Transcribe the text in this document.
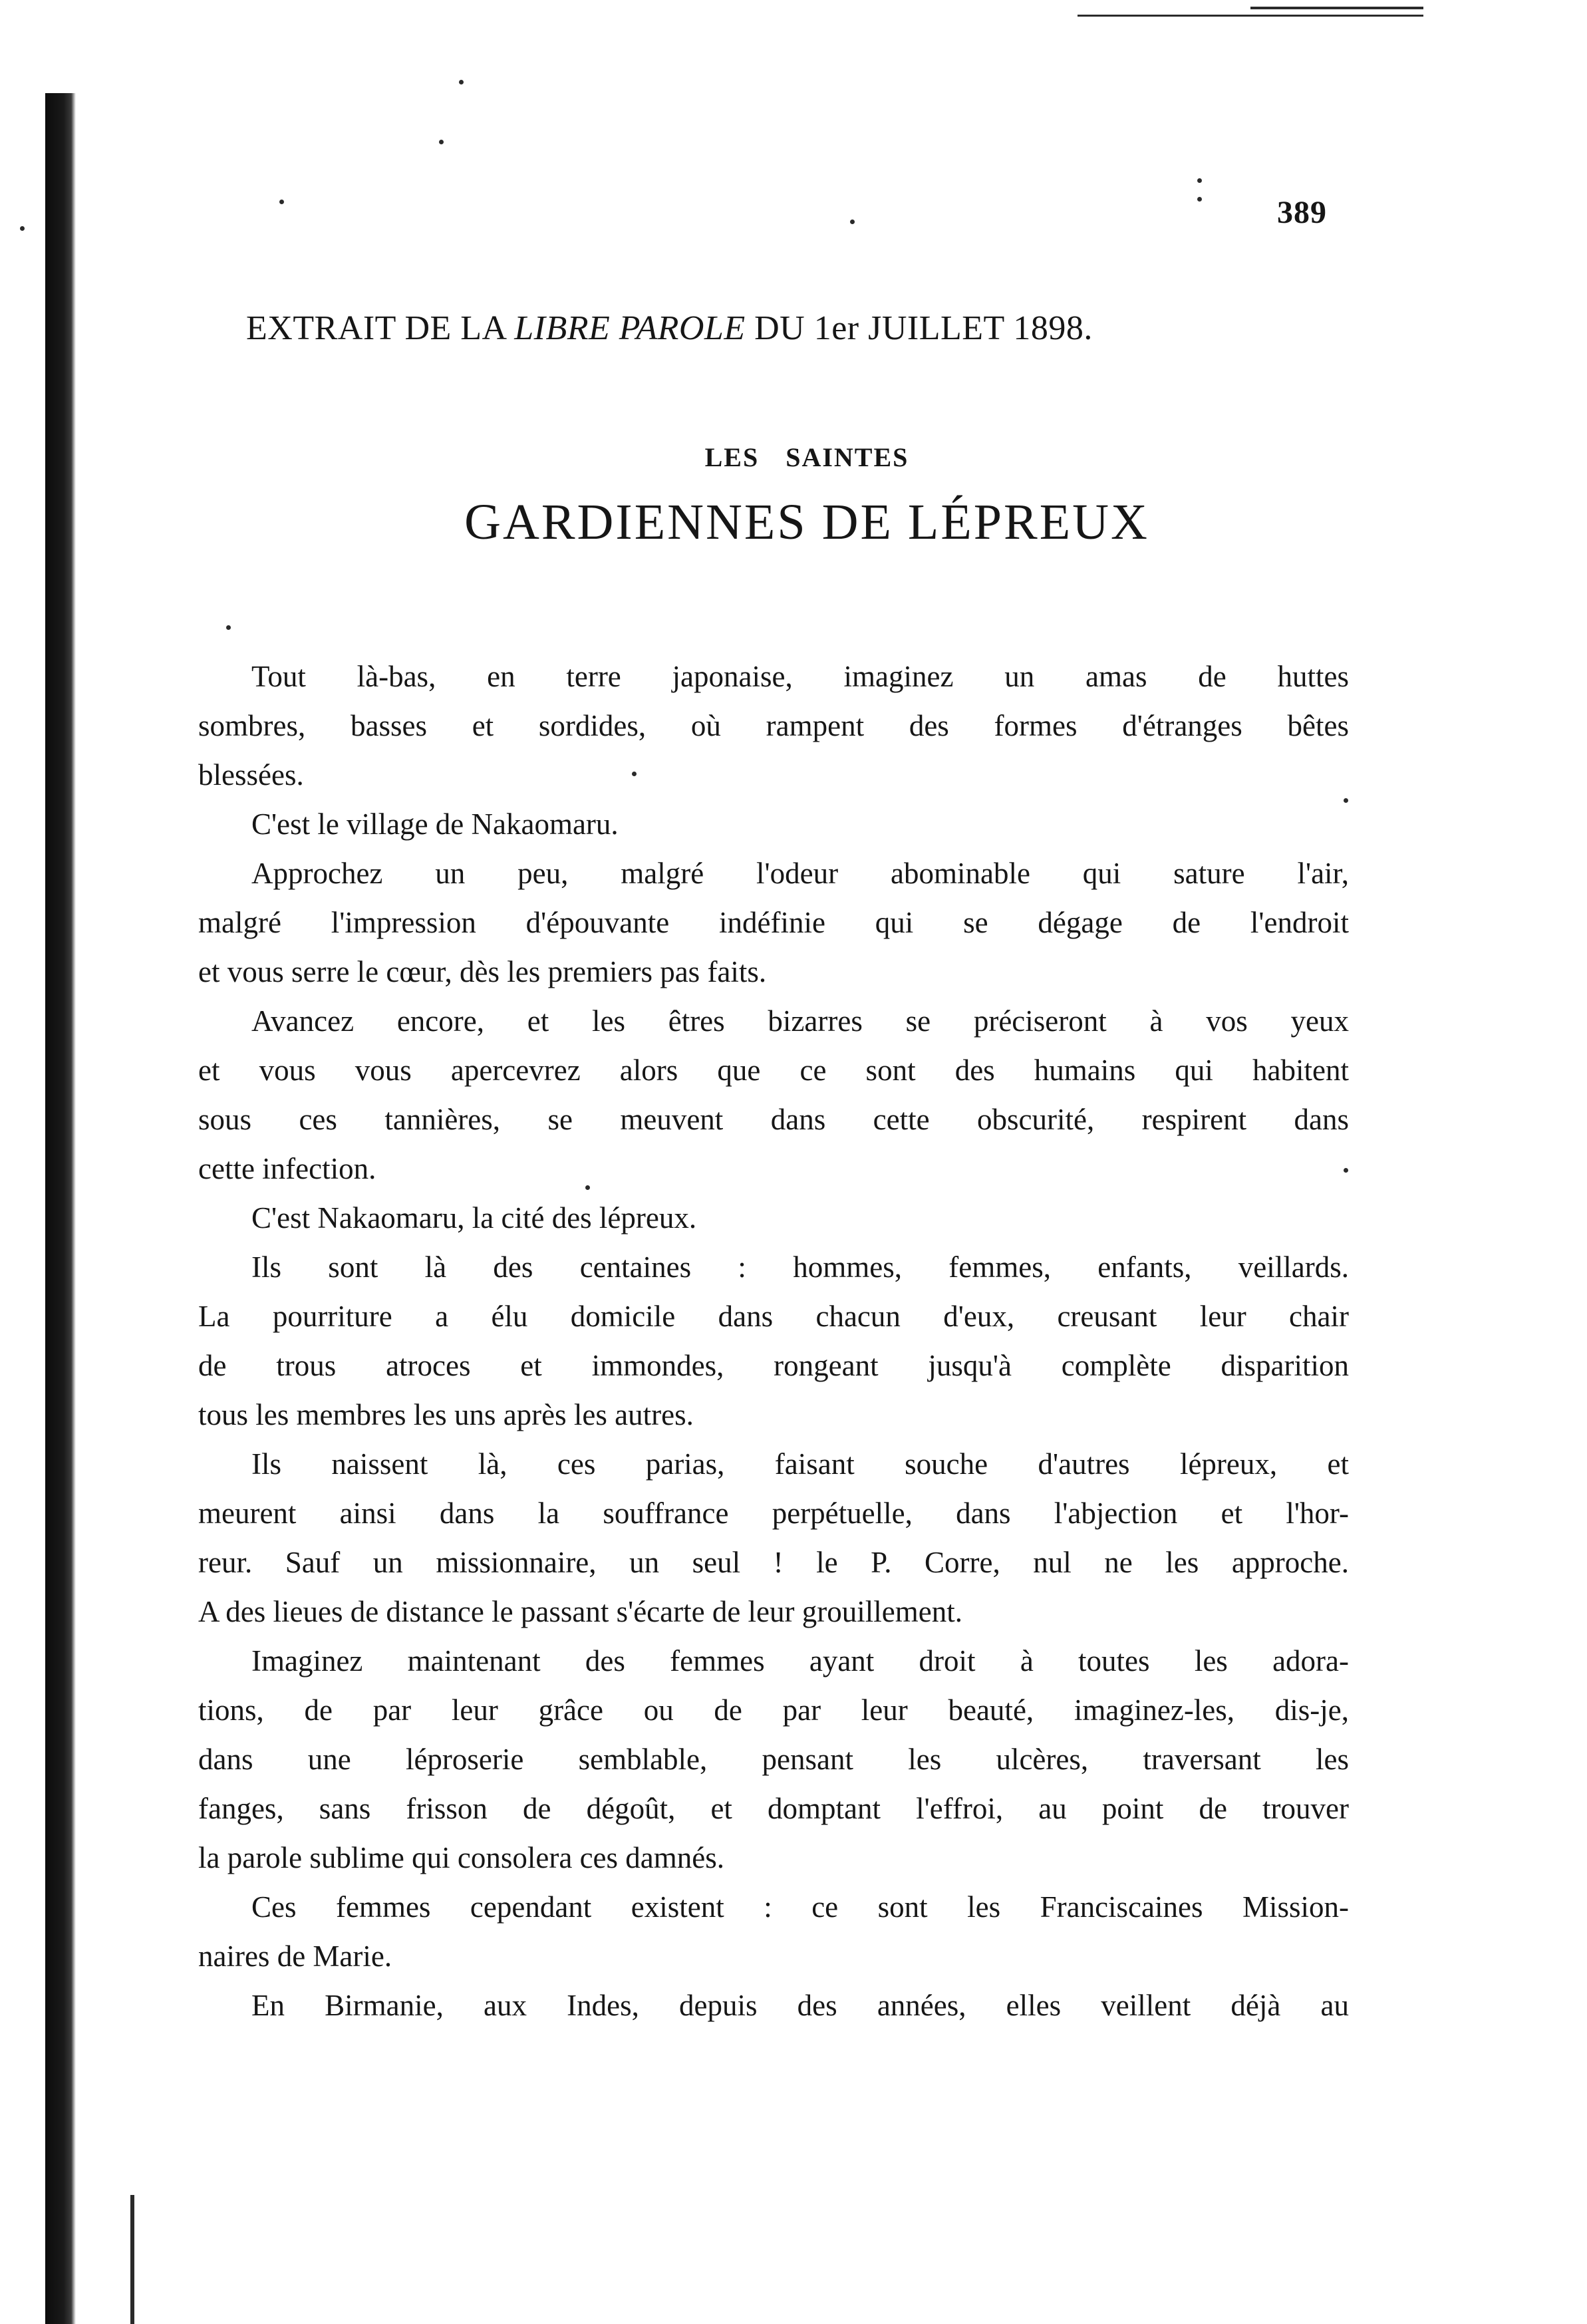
389
EXTRAIT DE LA LIBRE PAROLE DU 1er JUILLET 1898.
LES SAINTES
GARDIENNES DE LÉPREUX
Tout là-bas, en terre japonaise, imaginez un amas de huttes
sombres, basses et sordides, où rampent des formes d'étranges bêtes
blessées.
C'est le village de Nakaomaru.
Approchez un peu, malgré l'odeur abominable qui sature l'air,
malgré l'impression d'épouvante indéfinie qui se dégage de l'endroit
et vous serre le cœur, dès les premiers pas faits.
Avancez encore, et les êtres bizarres se préciseront à vos yeux
et vous vous apercevrez alors que ce sont des humains qui habitent
sous ces tannières, se meuvent dans cette obscurité, respirent dans
cette infection.
C'est Nakaomaru, la cité des lépreux.
Ils sont là des centaines : hommes, femmes, enfants, veillards.
La pourriture a élu domicile dans chacun d'eux, creusant leur chair
de trous atroces et immondes, rongeant jusqu'à complète disparition
tous les membres les uns après les autres.
Ils naissent là, ces parias, faisant souche d'autres lépreux, et
meurent ainsi dans la souffrance perpétuelle, dans l'abjection et l'hor-
reur. Sauf un missionnaire, un seul ! le P. Corre, nul ne les approche.
A des lieues de distance le passant s'écarte de leur grouillement.
Imaginez maintenant des femmes ayant droit à toutes les adora-
tions, de par leur grâce ou de par leur beauté, imaginez-les, dis-je,
dans une léproserie semblable, pensant les ulcères, traversant les
fanges, sans frisson de dégoût, et domptant l'effroi, au point de trouver
la parole sublime qui consolera ces damnés.
Ces femmes cependant existent : ce sont les Franciscaines Mission-
naires de Marie.
En Birmanie, aux Indes, depuis des années, elles veillent déjà au
